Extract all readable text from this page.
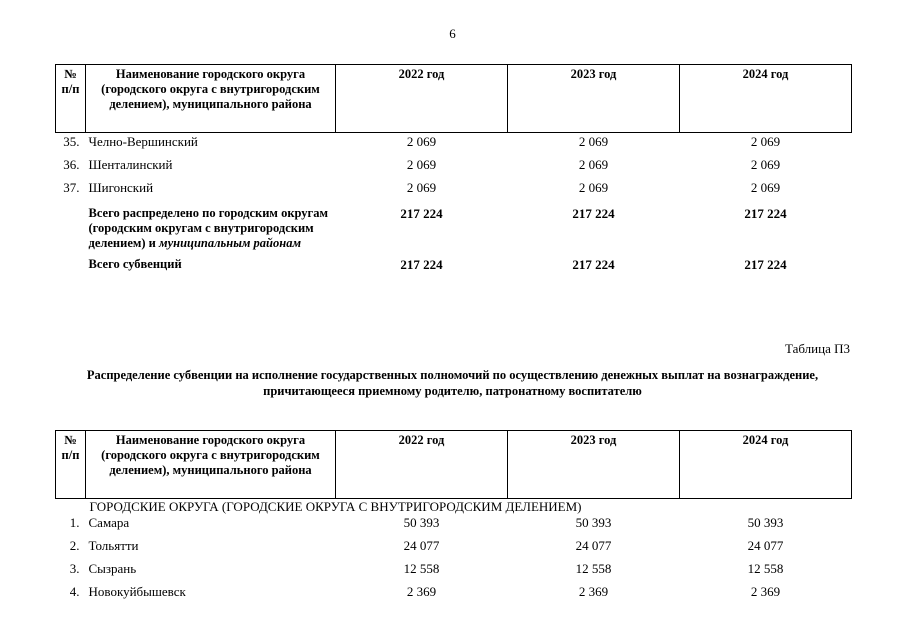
6
№
п/п	Наименование городского округа (городского округа с внутригородским делением), муниципального района	2022 год	2023 год	2024 год
35.	Челно-Вершинский	2 069	2 069	2 069
36.	Шенталинский	2 069	2 069	2 069
37.	Шигонский	2 069	2 069	2 069
	Всего распределено по городским округам (городским округам с внутригородским делением) и муниципальным районам	217 224	217 224	217 224
	Всего субвенций	217 224	217 224	217 224
Таблица П3
Распределение субвенции на исполнение государственных полномочий по осуществлению денежных выплат на вознаграждение, причитающееся приемному родителю, патронатному воспитателю
№
п/п	Наименование городского округа (городского округа с внутригородским делением), муниципального района	2022 год	2023 год	2024 год
ГОРОДСКИЕ ОКРУГА (ГОРОДСКИЕ ОКРУГА С ВНУТРИГОРОДСКИМ ДЕЛЕНИЕМ)				
1.	Самара	50 393	50 393	50 393
2.	Тольятти	24 077	24 077	24 077
3.	Сызрань	12 558	12 558	12 558
4.	Новокуйбышевск	2 369	2 369	2 369
